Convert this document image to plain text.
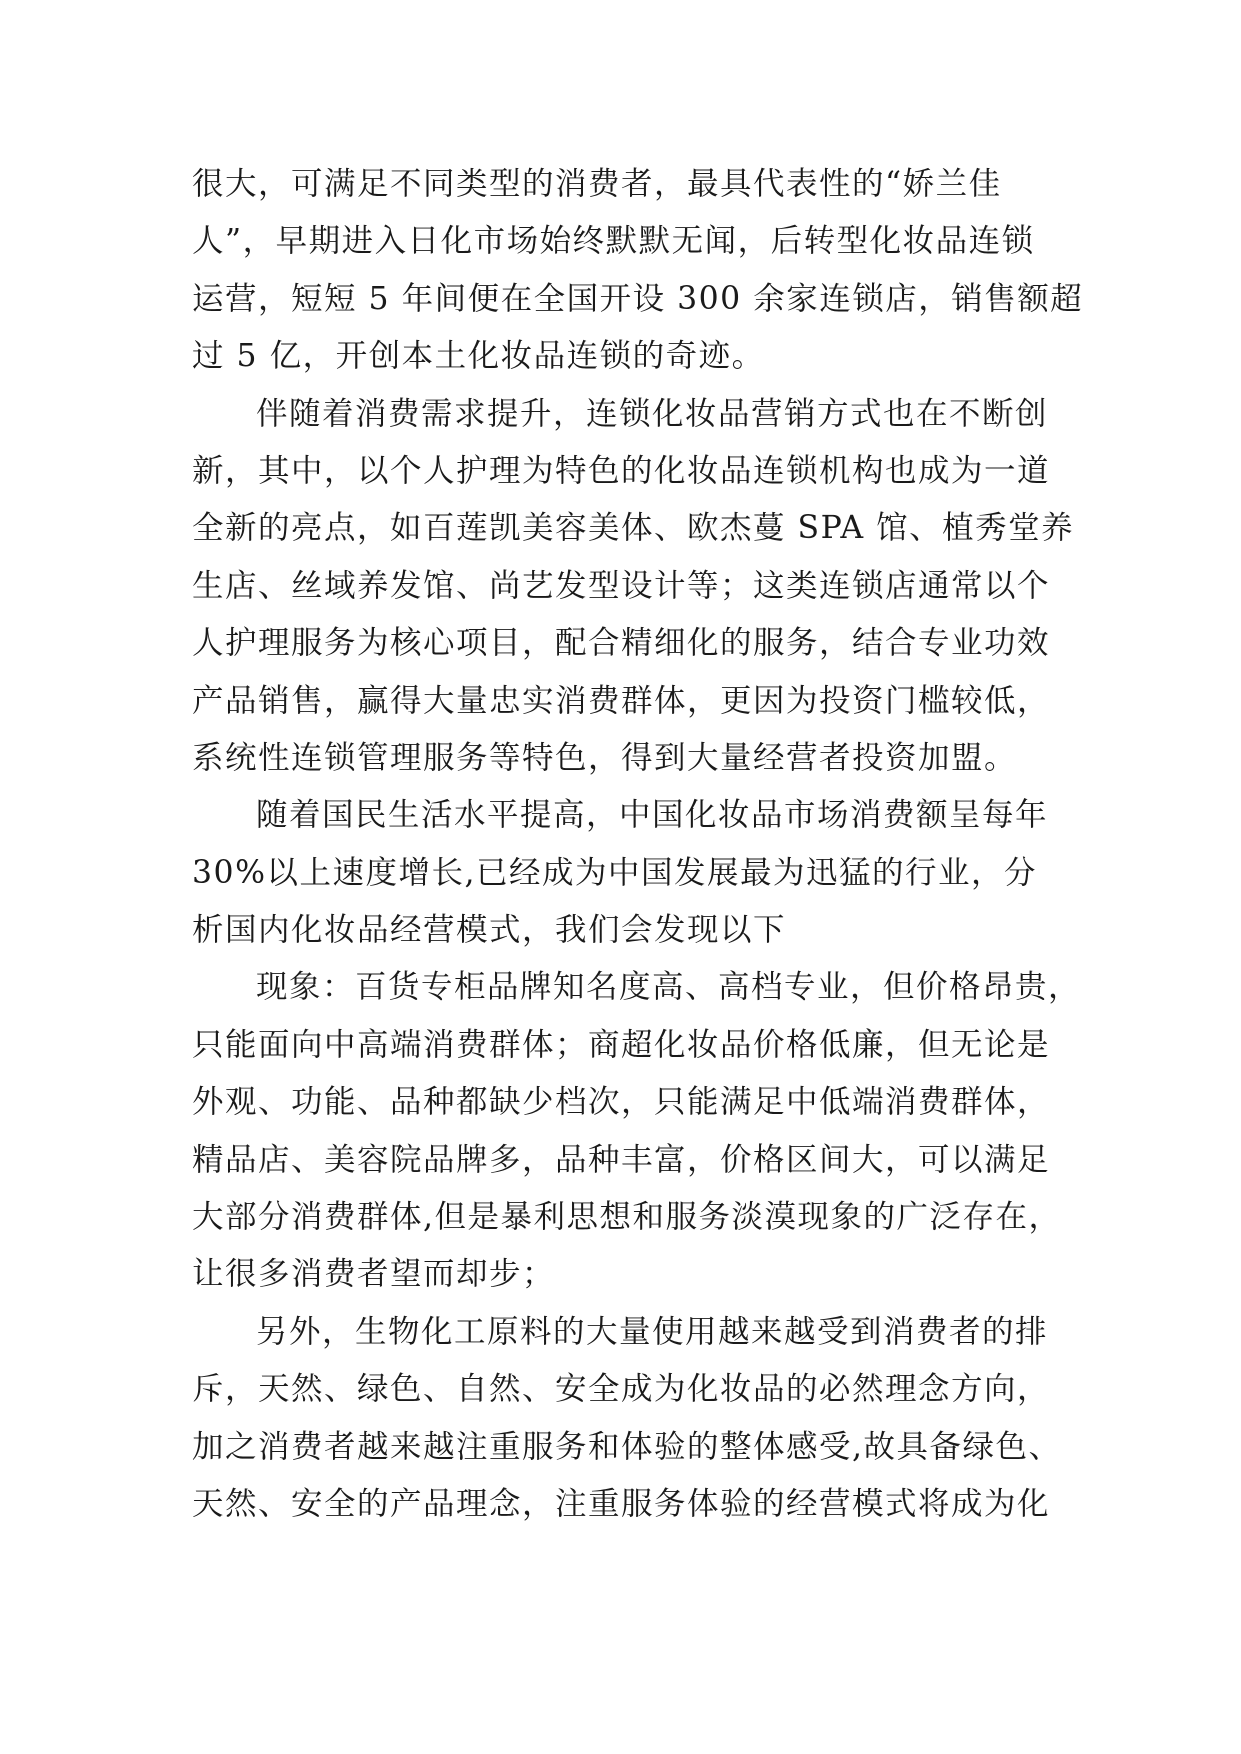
很大，可满足不同类型的消费者，最具代表性的“娇兰佳
人”，早期进入日化市场始终默默无闻，后转型化妆品连锁
运营，短短 5 年间便在全国开设 300 余家连锁店，销售额超
过 5 亿，开创本土化妆品连锁的奇迹。
伴随着消费需求提升，连锁化妆品营销方式也在不断创
新，其中，以个人护理为特色的化妆品连锁机构也成为一道
全新的亮点，如百莲凯美容美体、欧杰蔓 SPA 馆、植秀堂养
生店、丝域养发馆、尚艺发型设计等；这类连锁店通常以个
人护理服务为核心项目，配合精细化的服务，结合专业功效
产品销售，赢得大量忠实消费群体，更因为投资门槛较低，
系统性连锁管理服务等特色，得到大量经营者投资加盟。
随着国民生活水平提高，中国化妆品市场消费额呈每年
30%以上速度增长,已经成为中国发展最为迅猛的行业，分
析国内化妆品经营模式，我们会发现以下
现象：百货专柜品牌知名度高、高档专业，但价格昂贵，
只能面向中高端消费群体；商超化妆品价格低廉，但无论是
外观、功能、品种都缺少档次，只能满足中低端消费群体，
精品店、美容院品牌多，品种丰富，价格区间大，可以满足
大部分消费群体,但是暴利思想和服务淡漠现象的广泛存在，
让很多消费者望而却步；
另外，生物化工原料的大量使用越来越受到消费者的排
斥，天然、绿色、自然、安全成为化妆品的必然理念方向，
加之消费者越来越注重服务和体验的整体感受,故具备绿色、
天然、安全的产品理念，注重服务体验的经营模式将成为化
